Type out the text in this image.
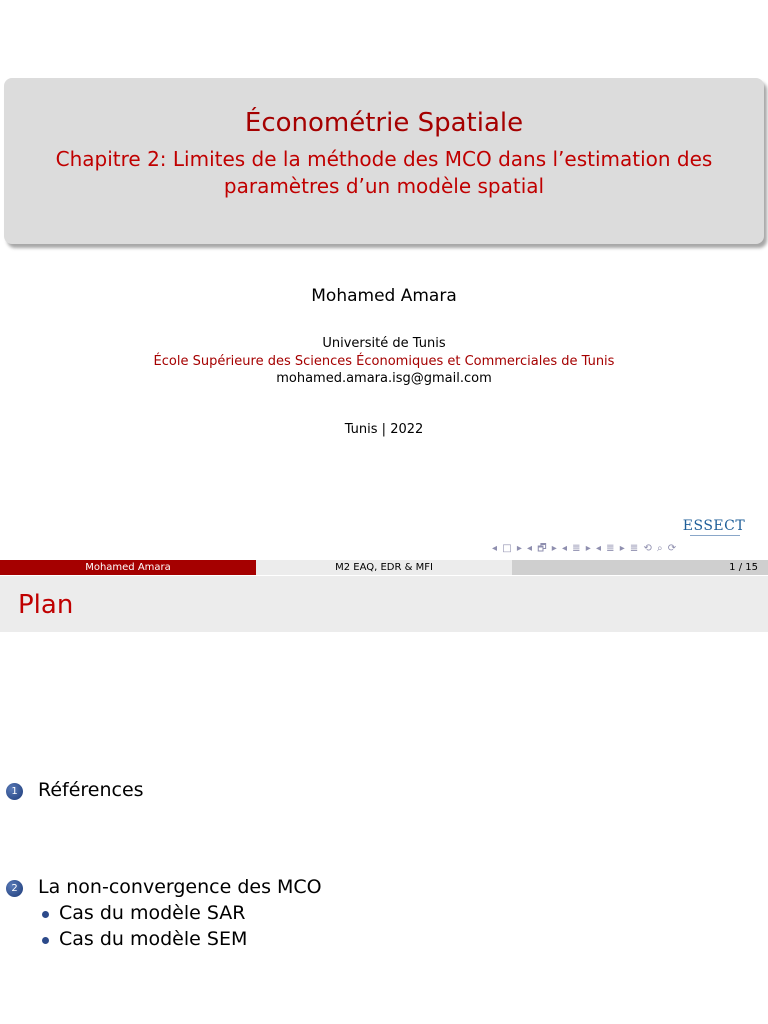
Économétrie Spatiale
Chapitre 2: Limites de la méthode des MCO dans l’estimation des paramètres d’un modèle spatial
Mohamed Amara
Université de Tunis
École Supérieure des Sciences Économiques et Commerciales de Tunis
mohamed.amara.isg@gmail.com
Tunis | 2022
ESSECT
◂ □ ▸ ◂ 🗗 ▸ ◂ ≣ ▸ ◂ ≣ ▸ ≣ ⟲ ⌕ ⟳
Mohamed Amara	M2 EAQ, EDR & MFI	1 / 15
Plan
1 Références
2 La non-convergence des MCO
Cas du modèle SAR
Cas du modèle SEM
